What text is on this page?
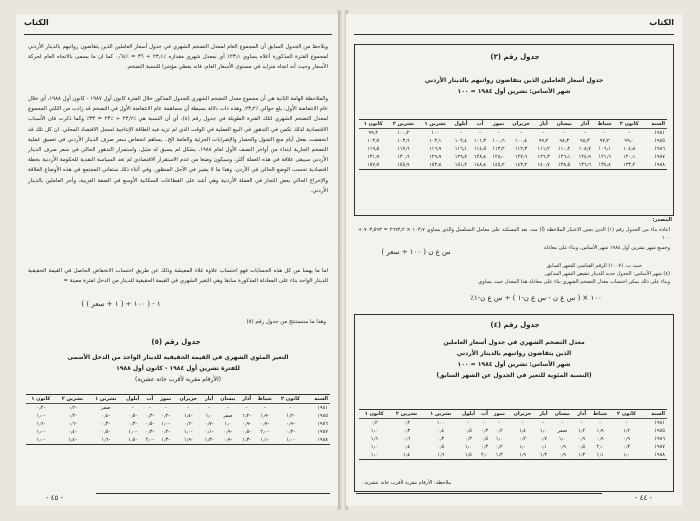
الكتاب
ويلاحظ من الجدول السابق أن المجموع العام لمعدل التضخم الشهري في جدول أسعار العاملين الذين يتقاضون رواتبهم بالدينار الأردني لمجموع الفترة المذكورة أعلاه يساوي ٢٣٫١٪ أي بمعدل شهري مقداره ٪٢٣٫١ ÷ ٣٦ = ٪٠٫٦٤ كما ان ما يسمى بالاتجاه العام لحركة الأسعار وحيث أنه اتجاه متزايد في مستوى الأسعار العام، فانه يعطي مؤشرا للنسبة التضخم.
والملاحظة الهامة الثانية هي أن مجموع معدل التضخم الشهري للجدول المذكور خلال الفترة كانون أول ١٩٨٧ - كانون أول ١٩٨٨، أي خلال عام الانتفاضة الأول، بلغ حوالي ٪٢٣٫٢، وهذه ذات دلالة بسيطة أن مساهمة عام الانتفاضة الأول في التضخم قد زادت من الثلثي المجموع لمعدل التضخم الشهري لتلك الفترة الطويلة في جدول رقم (٤)، أي أن النسبة هي ٪٢٣٫٢ ÷ ٪٢٣ = ٣٣٪ وكما ذكرت فان الأسباب الاقتصادية لذلك تكمن في التدهور في البيع العملية في الوقت الذي لم تزيد فيه الطاقة الإنتاجية لسجل الاقتصاد المحلي. ان كل تلك قد انخفضت بفعل أيام منع التجول والحصار والإضرابات الجزئية والعامة الخ.. يساهم انخفاض سعر صرف الدينار الأردني في تعميق عملية التضخم الجارية ابتداء من أواخر النصف الأول لعام ١٩٨٨، بشكل لم يسبق له مثيل، واستمرار التدهور الحالي في سعر صرف الدينار الأردني سيبقى علاقة في هذه العملة أكثر، وسيكون وضعا من عدم الاستقرار الاقتصادي لم تعد السياسة النقدية للحكومة الأردنية بخطة اقتصادية تحسب الوضع الحالي في الأردن. وهذا ما لا يضير في الآجل المنظور. وفي أثناء ذلك ستعاني المجتمع في هذه الأوضاع العلاقة والإحراج الحالي بعض التجار في العملة الأردنية وهي أشد على القطاعات السكانية الأوسع في الضفة الغربية، وأجر العاملين بالدينار الأردني.
اما ما يهمنا من كل هذه الحسابات فهو احتساب علاوة غلاء المعيشة وذلك عن طريق احتساب الانخفاض الحاصل في القيمة الحقيقية للدينار الواحد بناء على المعادلة المذكورة سابقا وهي التغير الشهري في القيمة الحقيقية للدينار من الدخل لفترة معينة =
١ - ( ١٠٠ ÷ ( ١ + سعر ) )
وهذا ما سنستنتج من جدول رقم (٥)
جدول رقم (٥)
التغير المئوي الشهري في القيمة الحقيقية للدينار الواحد من الدخل الأسمى
للفترة تشرين أول ١٩٨٤ - كانون أول ١٩٨٨
(الأرقام مقربة لأقرب خانة عشرية)
السنة	كانون ٢	شباط	آذار	نيسان	أيار	حزيران	تموز	آب	أيلول	تشرين ١	تشرين ٢	كانون ١
١٩٨١	-	-	-	-	-	-	-	-	-	صفر	-٠٫٢	-٠٫٢
١٩٨٥	-١٫٢	-١٫٩	-١٫٢	صفر	١٫٠	-١٫٤	-٠٫٢	-٠٫٣	-٠٫٥	-٠٫٤	-٠٫٣	-١٫٠
١٩٨٦	-٠٫٩	-٠٫٩	-٠٫٩	١٫٠	-٠٫٧	-٠٫٢	-١٫٠	-٠٫٥	-٠٫٣	-٠٫٣	-٠٫٦	-١٫٦
١٩٨٧	-٠٫٣	-٢٫٠	-٠٫٥	-٠٫٩	-٠٫١	-١٫٠	-٠٫٢	-٠٫٣	-١٫٠	-٠٫٥	-٠٫٤	-١٫٠
١٩٨٨	-١٫٠	-١٫١	-١٫٣	-٠٫٩	-١٫٣	-١٫٩	-١٫٣	-٢٫٠	-١٫٥	-١٫٦	-١٫٤	-١٫٠
- ٤٥ -
الكتاب
جدول رقم (٣)
جدول أسعار العاملين الذين يتقاضون رواتبهم بالدينار الأردني
شهر الأساس: تشرين أول ١٩٨٤ = ١٠٠
السنة	كانون ٢	شباط	آذار	نيسان	أيار	حزيران	تموز	آب	أيلول	تشرين ١	تشرين ٢	كانون ١
١٩٨١	-	-	-	-	-	-	-	-	-	١٠٠	١٠٠٫٢	٩٩٫٢
١٩٨٥	٩٩٫٠	٩٧٫٢	٩٨٫٣	٩٨٫٣	٩٩٫٢	١٠٠٫٤	١٠٠٫٦	١٠١٫٣	١٠٢٫٤	١٠٣٫١	١٠٣٫٦	١٠٣٫٧
١٩٨٦	١٠٤٫٨	١٠٦٫١	١٠٨٫٧	١١٠٫٢	١١١٫٢	١١٢٫٣	١١٣٫٢	١١٤٫٥	١١٦٫١	١١٦٫٩	١١٧٫٦	١١٩٫٥
١٩٨٧	١٢٠٫١	١٢١٫٦	١٢٤٫٩	١٢٦٫١	١٢٦٫٣	١٢٧٫٦	١٢٨٫٠	١٢٨٫٤	١٢٩٫٧	١٢٩٫٩	١٣٠٫٦	١٣١٫٩
١٩٨٨	١٣٣٫٢	١٣٤٫٨	١٣٦٫٦	١٣٨٫٥	١٤٠٫٧	١٤٣٫٢	١٤٥٫٢	١٤٨٫٤	١٥١٫٢	١٥٣٫٨	١٥٥٫٩	١٥٧٫٧
المصدر:
اعادة بناء من الجدول رقم (١) الذين يجين الاعتبار الملاحظة (أ) منه، بعد المسكنة على معامل التسلسل والذي يساوي ١٠٣٫٧ × ٢٦٩٣٫٢ = ٧٠٣٫٥٩٣ ÷ ١٠٠
وجميع شهر تشرين أول ١٩٨٤ شهر الأساس، وبناء على معادلة
( ١٠٠ ÷ سعر ) س ع ن
حيث ب. (١٠٠٧) الرقم القياسي للشهر السابق
(٤) شهر الأساس: الجدول جديد للدينار تنقيص الشهر المذكور.
وبناء على ذلك يمكن احتساب معدل التضخم الشهري بناء على معادلة هذا المعدل حيث يساوي
٪١٠٠ × ( س ع ن - س ع ن-١ ) ÷ س ع ن-١
جدول رقم (٤)
معدل التضخم الشهري في جدول أسعار العاملين
الذين يتقاضون رواتبهم بالدينار الأردني
شهر الأساس: تشرين أول ١٩٨٤ = ١٠٠
(النسبة المئوية للتغير في الجدول عن الشهر السابق)
السنة	كانون ٢	شباط	آذار	نيسان	أيار	حزيران	تموز	آب	أيلول	تشرين ١	تشرين ٢	كانون ١
١٩٨١	-	-	-	-	-	-	-	-	-	١٠٠	٠٫٢	٠٫٢
١٩٨٥	١٫٢	١٫٩	١٫٢	صفر	١٫٠	١٫٤	٠٫٢	٠٫٣	٠٫٥	٠٫٤	٠٫٣	١٫٠
١٩٨٦	٠٫٩	٠٫٩	٠٫٩	١٫٠	٠٫٧	٠٫٢	١٫٠	٠٫٥	٠٫٣	٠٫٣	٠٫٦	١٫٦
١٩٨٧	٠٫٣	٢٫٠	٠٫٥	٠٫٩	٠٫١	١٫٠	٠٫٢	٠٫٣	١٫٠	٠٫٥	٠٫٤	١٫٠
١٩٨٨	١٫٠	١٫١	١٫٣	٠٫٩	١٫٣	١٫٩	١٫٣	٢٫٠	١٫٥	١٫٦	١٫٤	١٫٠
ملاحظة: الأرقام مقربة لأقرب خانة عشرية.
- ٤٤ -
